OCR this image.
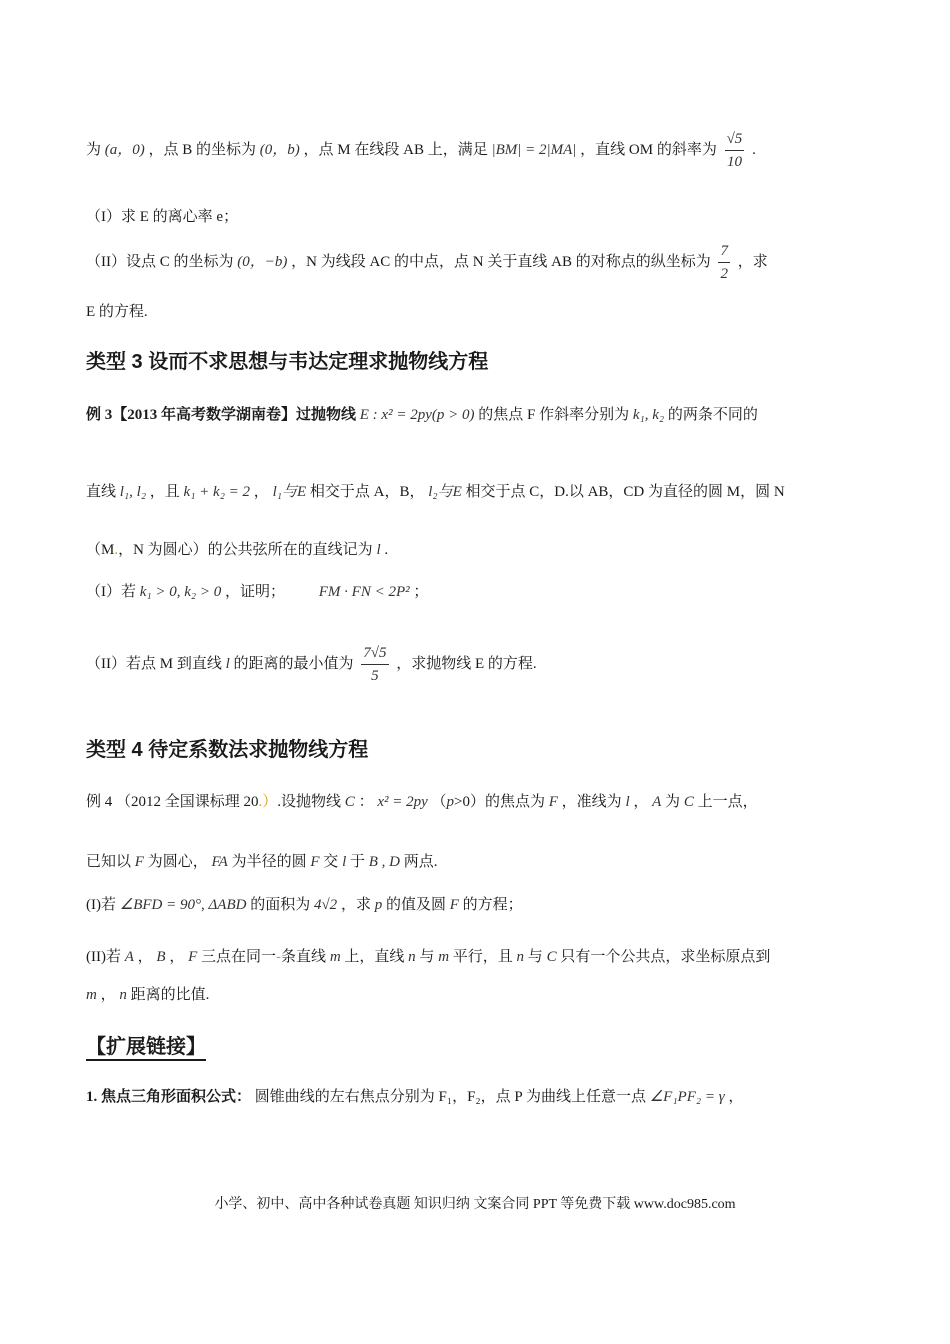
为 (a，0) ，点 B 的坐标为 (0，b) ，点 M 在线段 AB 上，满足 |BM| = 2|MA| ，直线 OM 的斜率为 $\frac{√5}{10}$ .
（I）求 E 的离心率 e；
（II）设点 C 的坐标为 (0，−b) ，N 为线段 AC 的中点，点 N 关于直线 AB 的对称点的纵坐标为 $\frac{7}{2}$ ，求
E 的方程.
类型 3 设而不求思想与韦达定理求抛物线方程
例 3【2013 年高考数学湖南卷】过抛物线 E : x² = 2py(p > 0) 的焦点 F 作斜率分别为 k₁, k₂ 的两条不同的
直线 l₁, l₂ ，且 k₁ + k₂ = 2 ， l₁与E 相交于点 A，B， l₂与E 相交于点 C，D.以 AB，CD 为直径的圆 M，圆 N
（M.，N 为圆心）的公共弦所在的直线记为 l .
（I）若 k₁ > 0, k₂ > 0 ，证明； FM · FN < 2P² ；
（II）若点 M 到直线 l 的距离的最小值为 $\frac{7√5}{5}$ ，求抛物线 E 的方程.
类型 4 待定系数法求抛物线方程
例 4 （2012 全国课标理 20.）.设抛物线 C ： x² = 2py （p>0）的焦点为 F ，准线为 l ， A 为 C 上一点，
已知以 F 为圆心， FA 为半径的圆 F 交 l 于 B , D 两点.
(I)若 ∠BFD = 90°, ΔABD 的面积为 4√2 ，求 p 的值及圆 F 的方程；
(II)若 A ， B ， F 三点在同一-条直线 m 上，直线 n 与 m 平行，且 n 与 C 只有一个公共点，求坐标原点到
m ， n 距离的比值.
【扩展链接】
1. 焦点三角形面积公式： 圆锥曲线的左右焦点分别为 F₁，F₂，点 P 为曲线上任意一点 ∠F₁PF₂ = γ ，
小学、初中、高中各种试卷真题 知识归纳 文案合同 PPT 等免费下载 www.doc985.com
